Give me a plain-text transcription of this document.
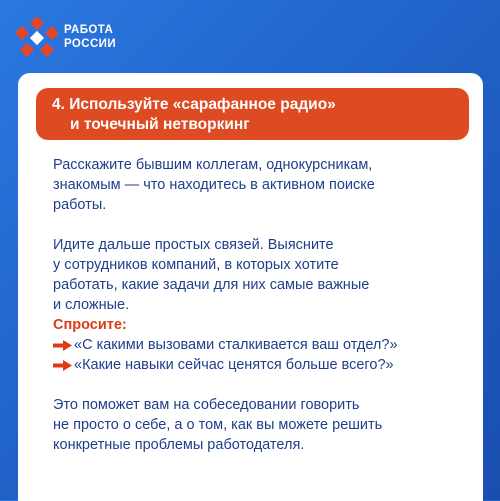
РАБОТА
РОССИИ
4. Используйте «сарафанное радио»
и точечный нетворкинг

Расскажите бывшим коллегам, однокурсникам,
знакомым — что находитесь в активном поиске
работы.

Идите дальше простых связей. Выясните
у сотрудников компаний, в которых хотите
работать, какие задачи для них самые важные
и сложные.

Спросите:
«С какими вызовами сталкивается ваш отдел?»
«Какие навыки сейчас ценятся больше всего?»

Это поможет вам на собеседовании говорить
не просто о себе, а о том, как вы можете решить
конкретные проблемы работодателя.
